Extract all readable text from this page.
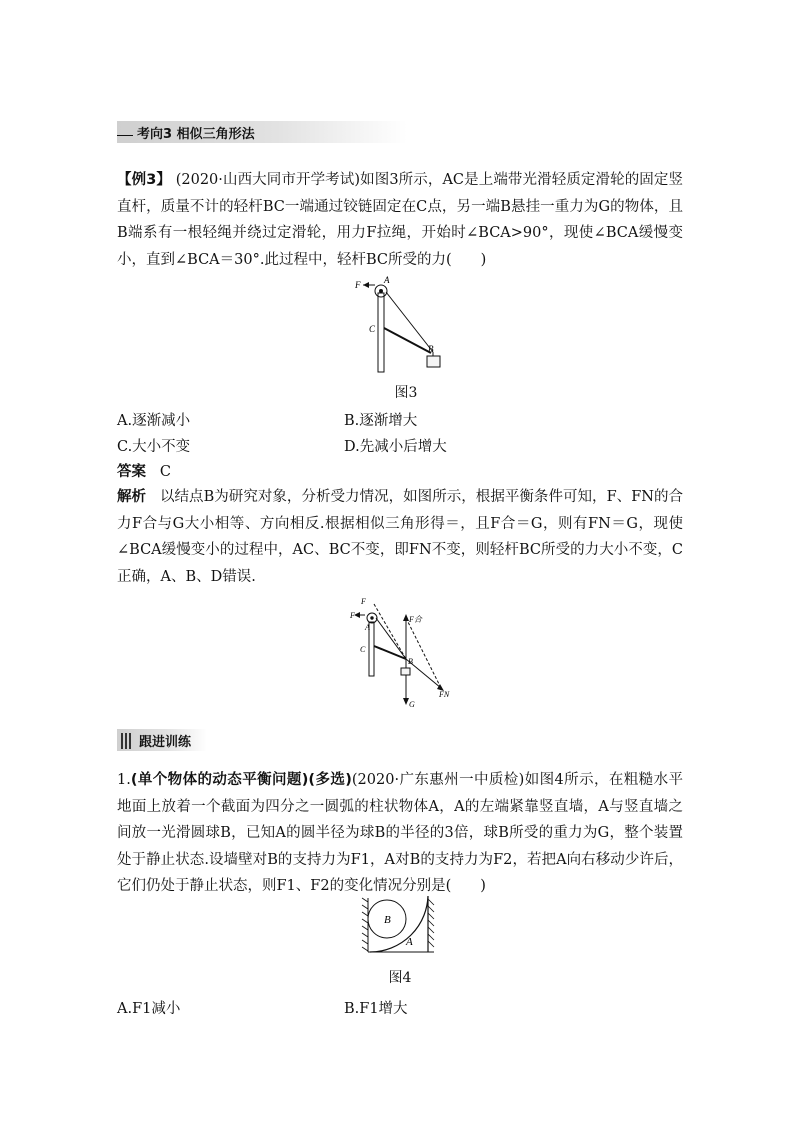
考向3 相似三角形法
【例3】 (2020·山西大同市开学考试)如图3所示，AC是上端带光滑轻质定滑轮的固定竖直杆，质量不计的轻杆BC一端通过铰链固定在C点，另一端B悬挂一重力为G的物体，且B端系有一根轻绳并绕过定滑轮，用力F拉绳，开始时∠BCA>90°，现使∠BCA缓慢变小，直到∠BCA＝30°.此过程中，轻杆BC所受的力(　　)
A
F
C
B
图3
A.逐渐减小	B.逐渐增大
C.大小不变	D.先减小后增大
答案 C
解析 以结点B为研究对象，分析受力情况，如图所示，根据平衡条件可知，F、FN的合力F合与G大小相等、方向相反.根据相似三角形得＝，且F合＝G，则有FN＝G，现使∠BCA缓慢变小的过程中，AC、BC不变，即FN不变，则轻杆BC所受的力大小不变，C正确，A、B、D错误.
F
F
A
C
B
F合
FN
G
跟进训练
1.(单个物体的动态平衡问题)(多选)(2020·广东惠州一中质检)如图4所示，在粗糙水平地面上放着一个截面为四分之一圆弧的柱状物体A，A的左端紧靠竖直墙，A与竖直墙之间放一光滑圆球B，已知A的圆半径为球B的半径的3倍，球B所受的重力为G，整个装置处于静止状态.设墙壁对B的支持力为F1，A对B的支持力为F2，若把A向右移动少许后，它们仍处于静止状态，则F1、F2的变化情况分别是(　　)
B
A
图4
A.F1减小	B.F1增大
